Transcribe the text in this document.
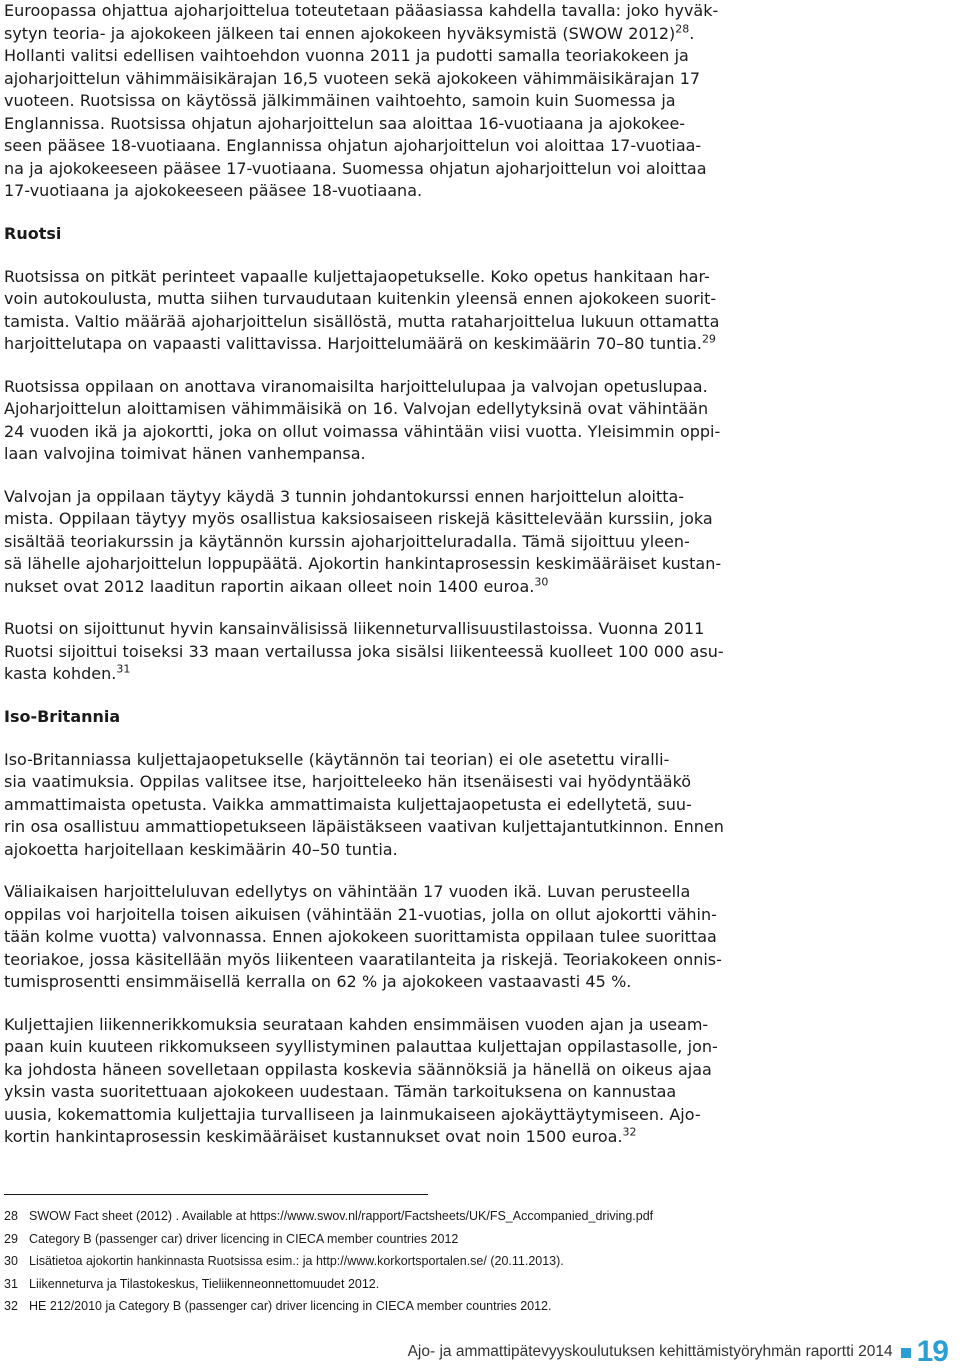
Euroopassa ohjattua ajoharjoittelua toteutetaan pääasiassa kahdella tavalla: joko hyväk-
sytyn teoria- ja ajokokeen jälkeen tai ennen ajokokeen hyväksymistä (SWOW 2012)$^{28}$.
Hollanti valitsi edellisen vaihtoehdon vuonna 2011 ja pudotti samalla teoriakokeen ja
ajoharjoittelun vähimmäisikärajan 16,5 vuoteen sekä ajokokeen vähimmäisikärajan 17
vuoteen. Ruotsissa on käytössä jälkimmäinen vaihtoehto, samoin kuin Suomessa ja
Englannissa. Ruotsissa ohjatun ajoharjoittelun saa aloittaa 16-vuotiaana ja ajokokee-
seen pääsee 18-vuotiaana. Englannissa ohjatun ajoharjoittelun voi aloittaa 17-vuotiaa-
na ja ajokokeeseen pääsee 17-vuotiaana. Suomessa ohjatun ajoharjoittelun voi aloittaa
17-vuotiaana ja ajokokeeseen pääsee 18-vuotiaana.

Ruotsi

Ruotsissa on pitkät perinteet vapaalle kuljettajaopetukselle. Koko opetus hankitaan har-
voin autokoulusta, mutta siihen turvaudutaan kuitenkin yleensä ennen ajokokeen suorit-
tamista. Valtio määrää ajoharjoittelun sisällöstä, mutta rataharjoittelua lukuun ottamatta
harjoittelutapa on vapaasti valittavissa. Harjoittelumäärä on keskimäärin 70–80 tuntia.$^{29}$

Ruotsissa oppilaan on anottava viranomaisilta harjoittelulupaa ja valvojan opetuslupaa.
Ajoharjoittelun aloittamisen vähimmäisikä on 16. Valvojan edellytyksinä ovat vähintään
24 vuoden ikä ja ajokortti, joka on ollut voimassa vähintään viisi vuotta. Yleisimmin oppi-
laan valvojina toimivat hänen vanhempansa.

Valvojan ja oppilaan täytyy käydä 3 tunnin johdantokurssi ennen harjoittelun aloitta-
mista. Oppilaan täytyy myös osallistua kaksiosaiseen riskejä käsittelevään kurssiin, joka
sisältää teoriakurssin ja käytännön kurssin ajoharjoitteluradalla. Tämä sijoittuu yleen-
sä lähelle ajoharjoittelun loppupäätä. Ajokortin hankintaprosessin keskimääräiset kustan-
nukset ovat 2012 laaditun raportin aikaan olleet noin 1400 euroa.$^{30}$

Ruotsi on sijoittunut hyvin kansainvälisissä liikenneturvallisuustilastoissa. Vuonna 2011
Ruotsi sijoittui toiseksi 33 maan vertailussa joka sisälsi liikenteessä kuolleet 100 000 asu-
kasta kohden.$^{31}$

Iso-Britannia

Iso-Britanniassa kuljettajaopetukselle (käytännön tai teorian) ei ole asetettu viralli-
sia vaatimuksia. Oppilas valitsee itse, harjoitteleeko hän itsenäisesti vai hyödyntääkö
ammattimaista opetusta. Vaikka ammattimaista kuljettajaopetusta ei edellytetä, suu-
rin osa osallistuu ammattiopetukseen läpäistäkseen vaativan kuljettajantutkinnon. Ennen
ajokoetta harjoitellaan keskimäärin 40–50 tuntia.

Väliaikaisen harjoitteluluvan edellytys on vähintään 17 vuoden ikä. Luvan perusteella
oppilas voi harjoitella toisen aikuisen (vähintään 21-vuotias, jolla on ollut ajokortti vähin-
tään kolme vuotta) valvonnassa. Ennen ajokokeen suorittamista oppilaan tulee suorittaa
teoriakoe, jossa käsitellään myös liikenteen vaaratilanteita ja riskejä. Teoriakokeen onnis-
tumisprosentti ensimmäisellä kerralla on 62 % ja ajokokeen vastaavasti 45 %.

Kuljettajien liikennerikkomuksia seurataan kahden ensimmäisen vuoden ajan ja useam-
paan kuin kuuteen rikkomukseen syyllistyminen palauttaa kuljettajan oppilastasolle, jon-
ka johdosta häneen sovelletaan oppilasta koskevia säännöksiä ja hänellä on oikeus ajaa
yksin vasta suoritettuaan ajokokeen uudestaan. Tämän tarkoituksena on kannustaa
uusia, kokemattomia kuljettajia turvalliseen ja lainmukaiseen ajokäyttäytymiseen. Ajo-
kortin hankintaprosessin keskimääräiset kustannukset ovat noin 1500 euroa.$^{32}$

28 SWOW Fact sheet (2012) . Available at https://www.swov.nl/rapport/Factsheets/UK/FS_Accompanied_driving.pdf
29 Category B (passenger car) driver licencing in CIECA member countries 2012
30 Lisätietoa ajokortin hankinnasta Ruotsissa esim.: ja http://www.korkortsportalen.se/ (20.11.2013).
31 Liikenneturva ja Tilastokeskus, Tieliikenneonnettomuudet 2012.
32 HE 212/2010 ja Category B (passenger car) driver licencing in CIECA member countries 2012.
Ajo- ja ammattipätevyyskoulutuksen kehittämistyöryhmän raportti 2014 19
